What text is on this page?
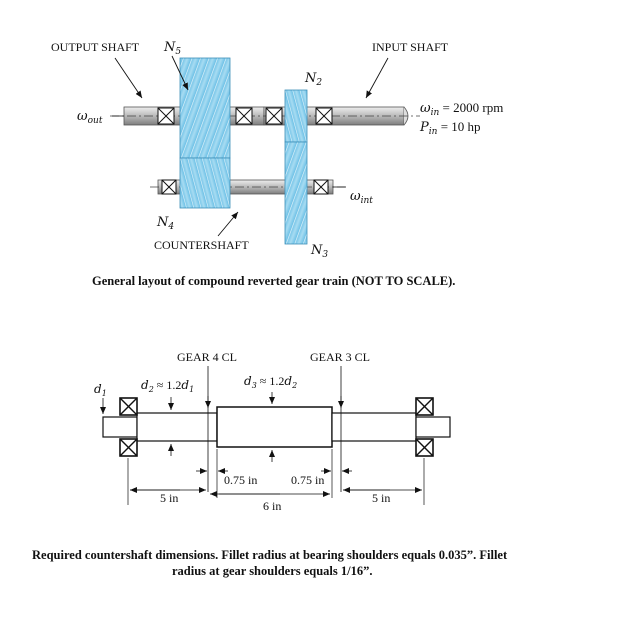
OUTPUT SHAFT	INPUT SHAFT
COUNTERSHAFT
$N_5$
$N_2$
$N_4$
$N_3$
$\omega_{out}$
$\omega_{int}$
$\omega_{in} = 2000$ rpm
$P_{in} = 10$ hp
General layout of compound reverted gear train (NOT TO SCALE).
GEAR 4 CL	GEAR 3 CL
$d_1$
$d_2 \approx 1.2d_1$
$d_3 \approx 1.2d_2$
0.75 in	0.75 in
5 in	5 in
6 in
Required countershaft dimensions. Fillet radius at bearing shoulders equals 0.035”. Fillet
radius at gear shoulders equals 1/16”.
